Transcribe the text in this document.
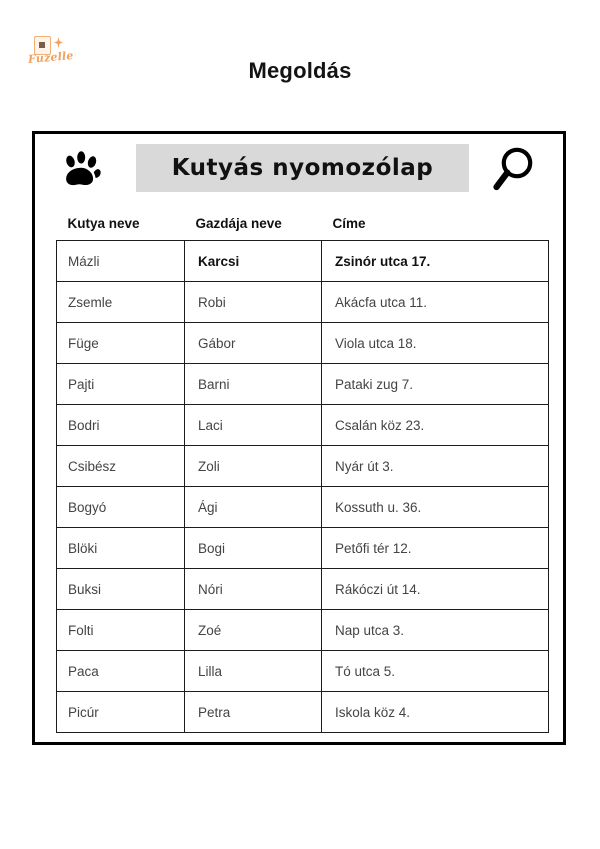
Fuzelle
Megoldás
Kutyás nyomozólap
Kutya neve	Gazdája neve	Címe
Mázli	Karcsi	Zsinór utca 17.
Zsemle	Robi	Akácfa utca 11.
Füge	Gábor	Viola utca 18.
Pajti	Barni	Pataki zug 7.
Bodri	Laci	Csalán köz 23.
Csibész	Zoli	Nyár út 3.
Bogyó	Ági	Kossuth u. 36.
Blöki	Bogi	Petőfi tér 12.
Buksi	Nóri	Rákóczi út 14.
Folti	Zoé	Nap utca 3.
Paca	Lilla	Tó utca 5.
Picúr	Petra	Iskola köz 4.
